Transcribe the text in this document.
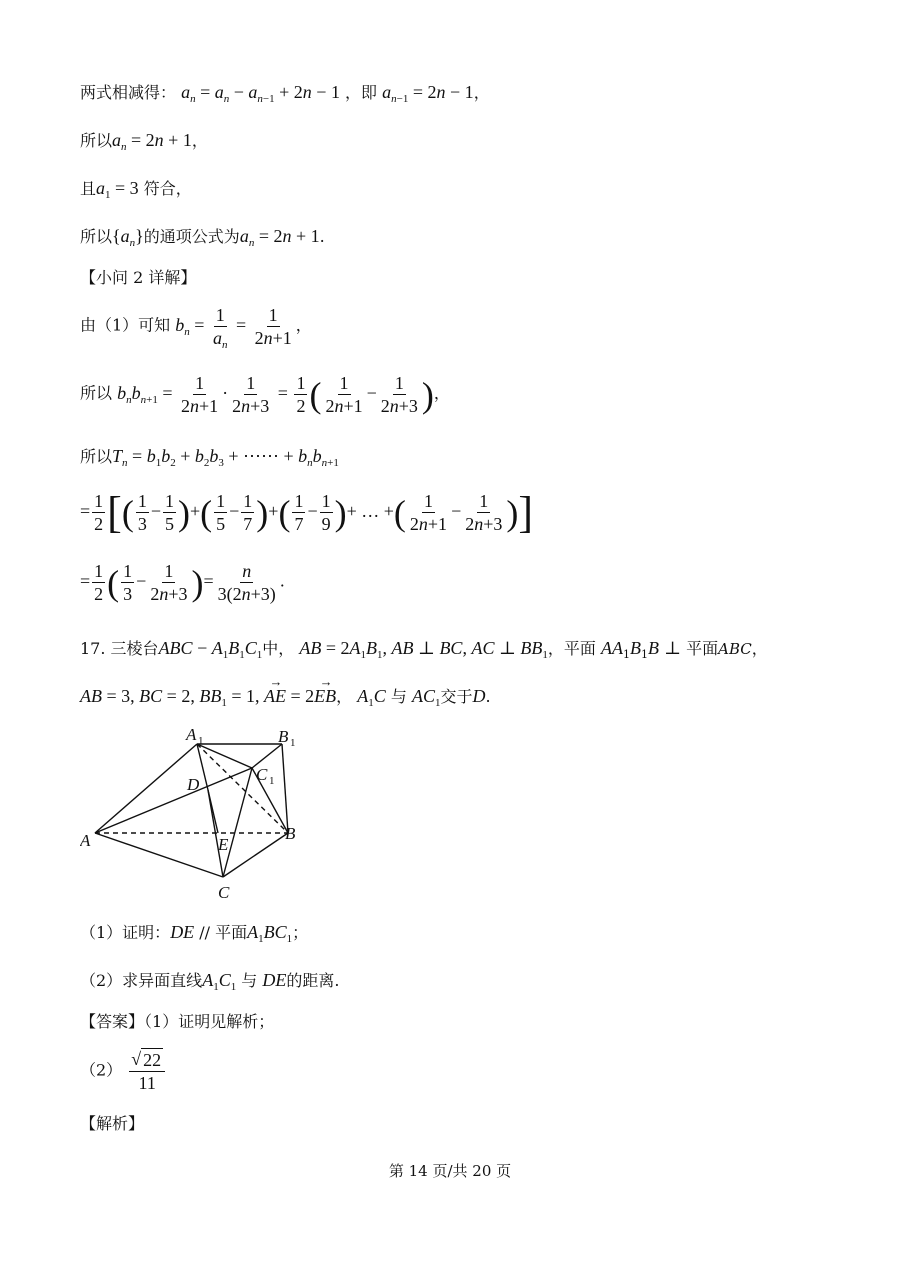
两式相减得： $a_n = a_n - a_{n-1} + 2n - 1$ ，即 $a_{n-1} = 2n - 1$，
所以$a_n = 2n + 1$，
且$a_1 = 3$ 符合，
所以$\{a_n\}$的通项公式为$a_n = 2n + 1$.
【小问 2 详解】
由（1）可知 $b_n = \frac{1}{a_n} = \frac{1}{2n+1}$ ，
所以 $b_nb_{n+1} = \frac{1}{2n+1} \cdot \frac{1}{2n+3} = \frac{1}{2}$ ( $\frac{1}{2n+1} - \frac{1}{2n+3}$ )，
所以$T_n = b_1b_2 + b_2b_3$ + ⋯⋯ + $b_nb_{n+1}$
= $\frac{1}{2}$ [( $\frac{1}{3} - \frac{1}{5}$ )+( $\frac{1}{5} - \frac{1}{7}$ )+( $\frac{1}{7} - \frac{1}{9}$ )+ … +( $\frac{1}{2n+1} - \frac{1}{2n+3}$ )]
= $\frac{1}{2}$ ( $\frac{1}{3} - \frac{1}{2n+3}$ )= $\frac{n}{3(2n+3)}$ .
17. 三棱台ABC − $A_1B_1C_1$中， AB = $2A_1B_1$, AB ⊥ BC, AC ⊥ $BB_1$，平面 $AA_1B_1B$ ⊥ 平面ABC，
AB = 3, BC = 2, $BB_1 = 1$, → AE = 2→ EB， $A_1C$ 与 $AC_1$交于D.
A 1	B 1
C 1
D
E
A	B
C
（1）证明：DE // 平面$A_1BC_1$；
（2）求异面直线$A_1C_1$ 与 DE的距离.
【答案】（1）证明见解析；
$(2) \frac{√ 22}{11}$
【解析】
第 14 页/共 20 页
